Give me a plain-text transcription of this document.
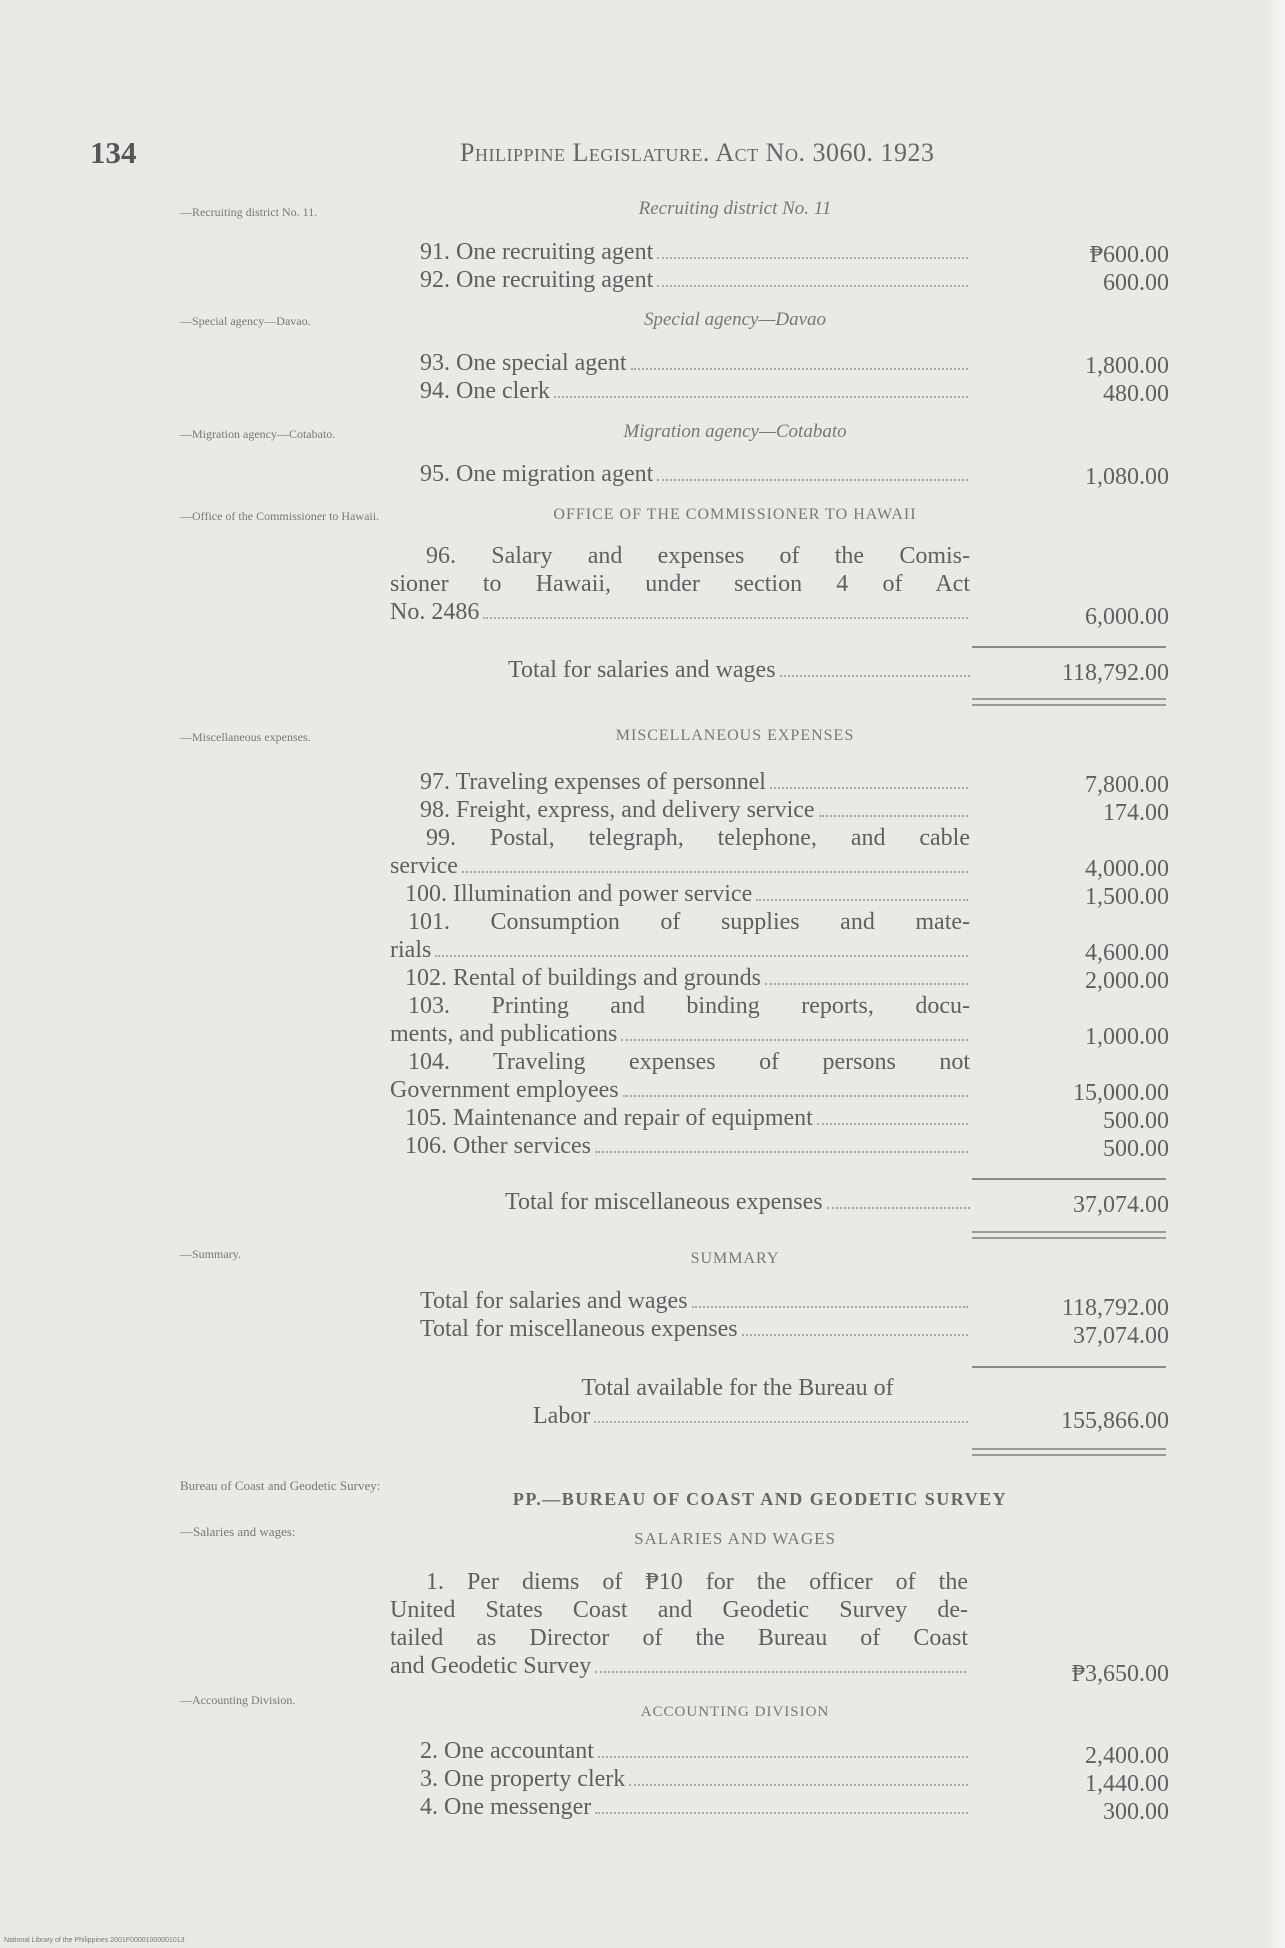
134	Philippine Legislature. Act No. 3060. 1923
—Recruiting district No. 11.	Recruiting district No. 11
91. One recruiting agent	₱600.00
92. One recruiting agent	600.00
—Special agency—Davao.	Special agency—Davao
93. One special agent	1,800.00
94. One clerk	480.00
—Migration agency—Cotabato.	Migration agency—Cotabato
95. One migration agent	1,080.00
—Office of the Commissioner to Hawaii.	OFFICE OF THE COMMISSIONER TO HAWAII
96. Salary and expenses of the Comis-
sioner to Hawaii, under section 4 of Act
No. 2486	6,000.00
Total for salaries and wages	118,792.00
—Miscellaneous expenses.	MISCELLANEOUS EXPENSES
97. Traveling expenses of personnel	7,800.00
98. Freight, express, and delivery service	174.00
99. Postal, telegraph, telephone, and cable
service	4,000.00
100. Illumination and power service	1,500.00
101. Consumption of supplies and mate-
rials	4,600.00
102. Rental of buildings and grounds	2,000.00
103. Printing and binding reports, docu-
ments, and publications	1,000.00
104. Traveling expenses of persons not
Government employees	15,000.00
105. Maintenance and repair of equipment	500.00
106. Other services	500.00
Total for miscellaneous expenses	37,074.00
—Summary.	SUMMARY
Total for salaries and wages	118,792.00
Total for miscellaneous expenses	37,074.00
Total available for the Bureau of
Labor	155,866.00
Bureau of Coast and Geodetic Survey:
—Salaries and wages:
PP.—BUREAU OF COAST AND GEODETIC SURVEY
SALARIES AND WAGES
1. Per diems of ₱10 for the officer of the
United States Coast and Geodetic Survey de-
tailed as Director of the Bureau of Coast
and Geodetic Survey	₱3,650.00
—Accounting Division.
ACCOUNTING DIVISION
2. One accountant	2,400.00
3. One property clerk	1,440.00
4. One messenger	300.00
National Library of the Philippines 2001F00001000001013
